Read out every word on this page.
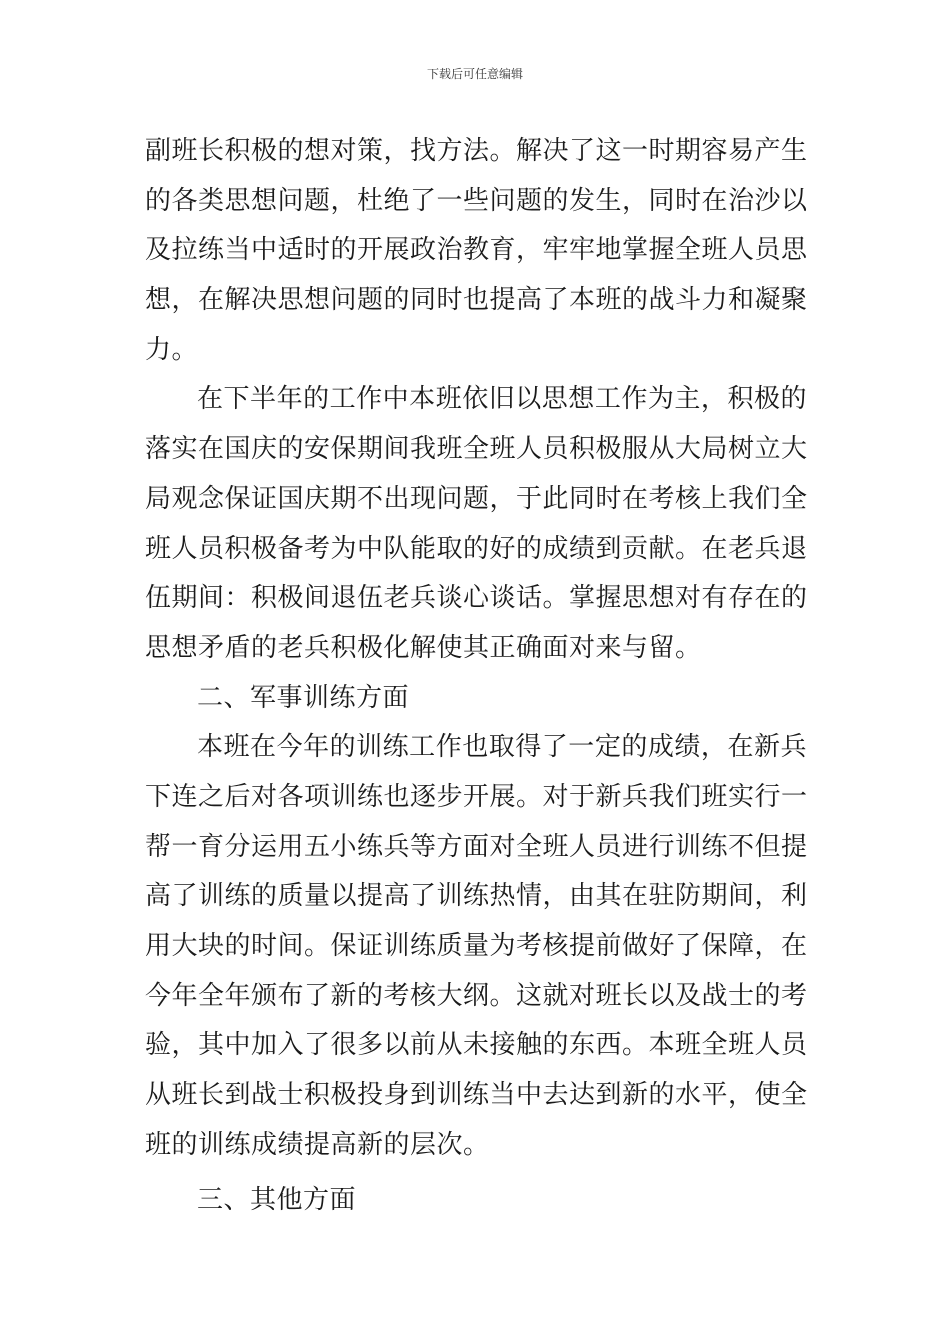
下载后可任意编辑
副班长积极的想对策，找方法。解决了这一时期容易产生
的各类思想问题，杜绝了一些问题的发生，同时在治沙以
及拉练当中适时的开展政治教育，牢牢地掌握全班人员思
想，在解决思想问题的同时也提高了本班的战斗力和凝聚
力。
在下半年的工作中本班依旧以思想工作为主，积极的
落实在国庆的安保期间我班全班人员积极服从大局树立大
局观念保证国庆期不出现问题，于此同时在考核上我们全
班人员积极备考为中队能取的好的成绩到贡献。在老兵退
伍期间：积极间退伍老兵谈心谈话。掌握思想对有存在的
思想矛盾的老兵积极化解使其正确面对来与留。
二、军事训练方面
本班在今年的训练工作也取得了一定的成绩，在新兵
下连之后对各项训练也逐步开展。对于新兵我们班实行一
帮一育分运用五小练兵等方面对全班人员进行训练不但提
高了训练的质量以提高了训练热情，由其在驻防期间，利
用大块的时间。保证训练质量为考核提前做好了保障，在
今年全年颁布了新的考核大纲。这就对班长以及战士的考
验，其中加入了很多以前从未接触的东西。本班全班人员
从班长到战士积极投身到训练当中去达到新的水平，使全
班的训练成绩提高新的层次。
三、其他方面
